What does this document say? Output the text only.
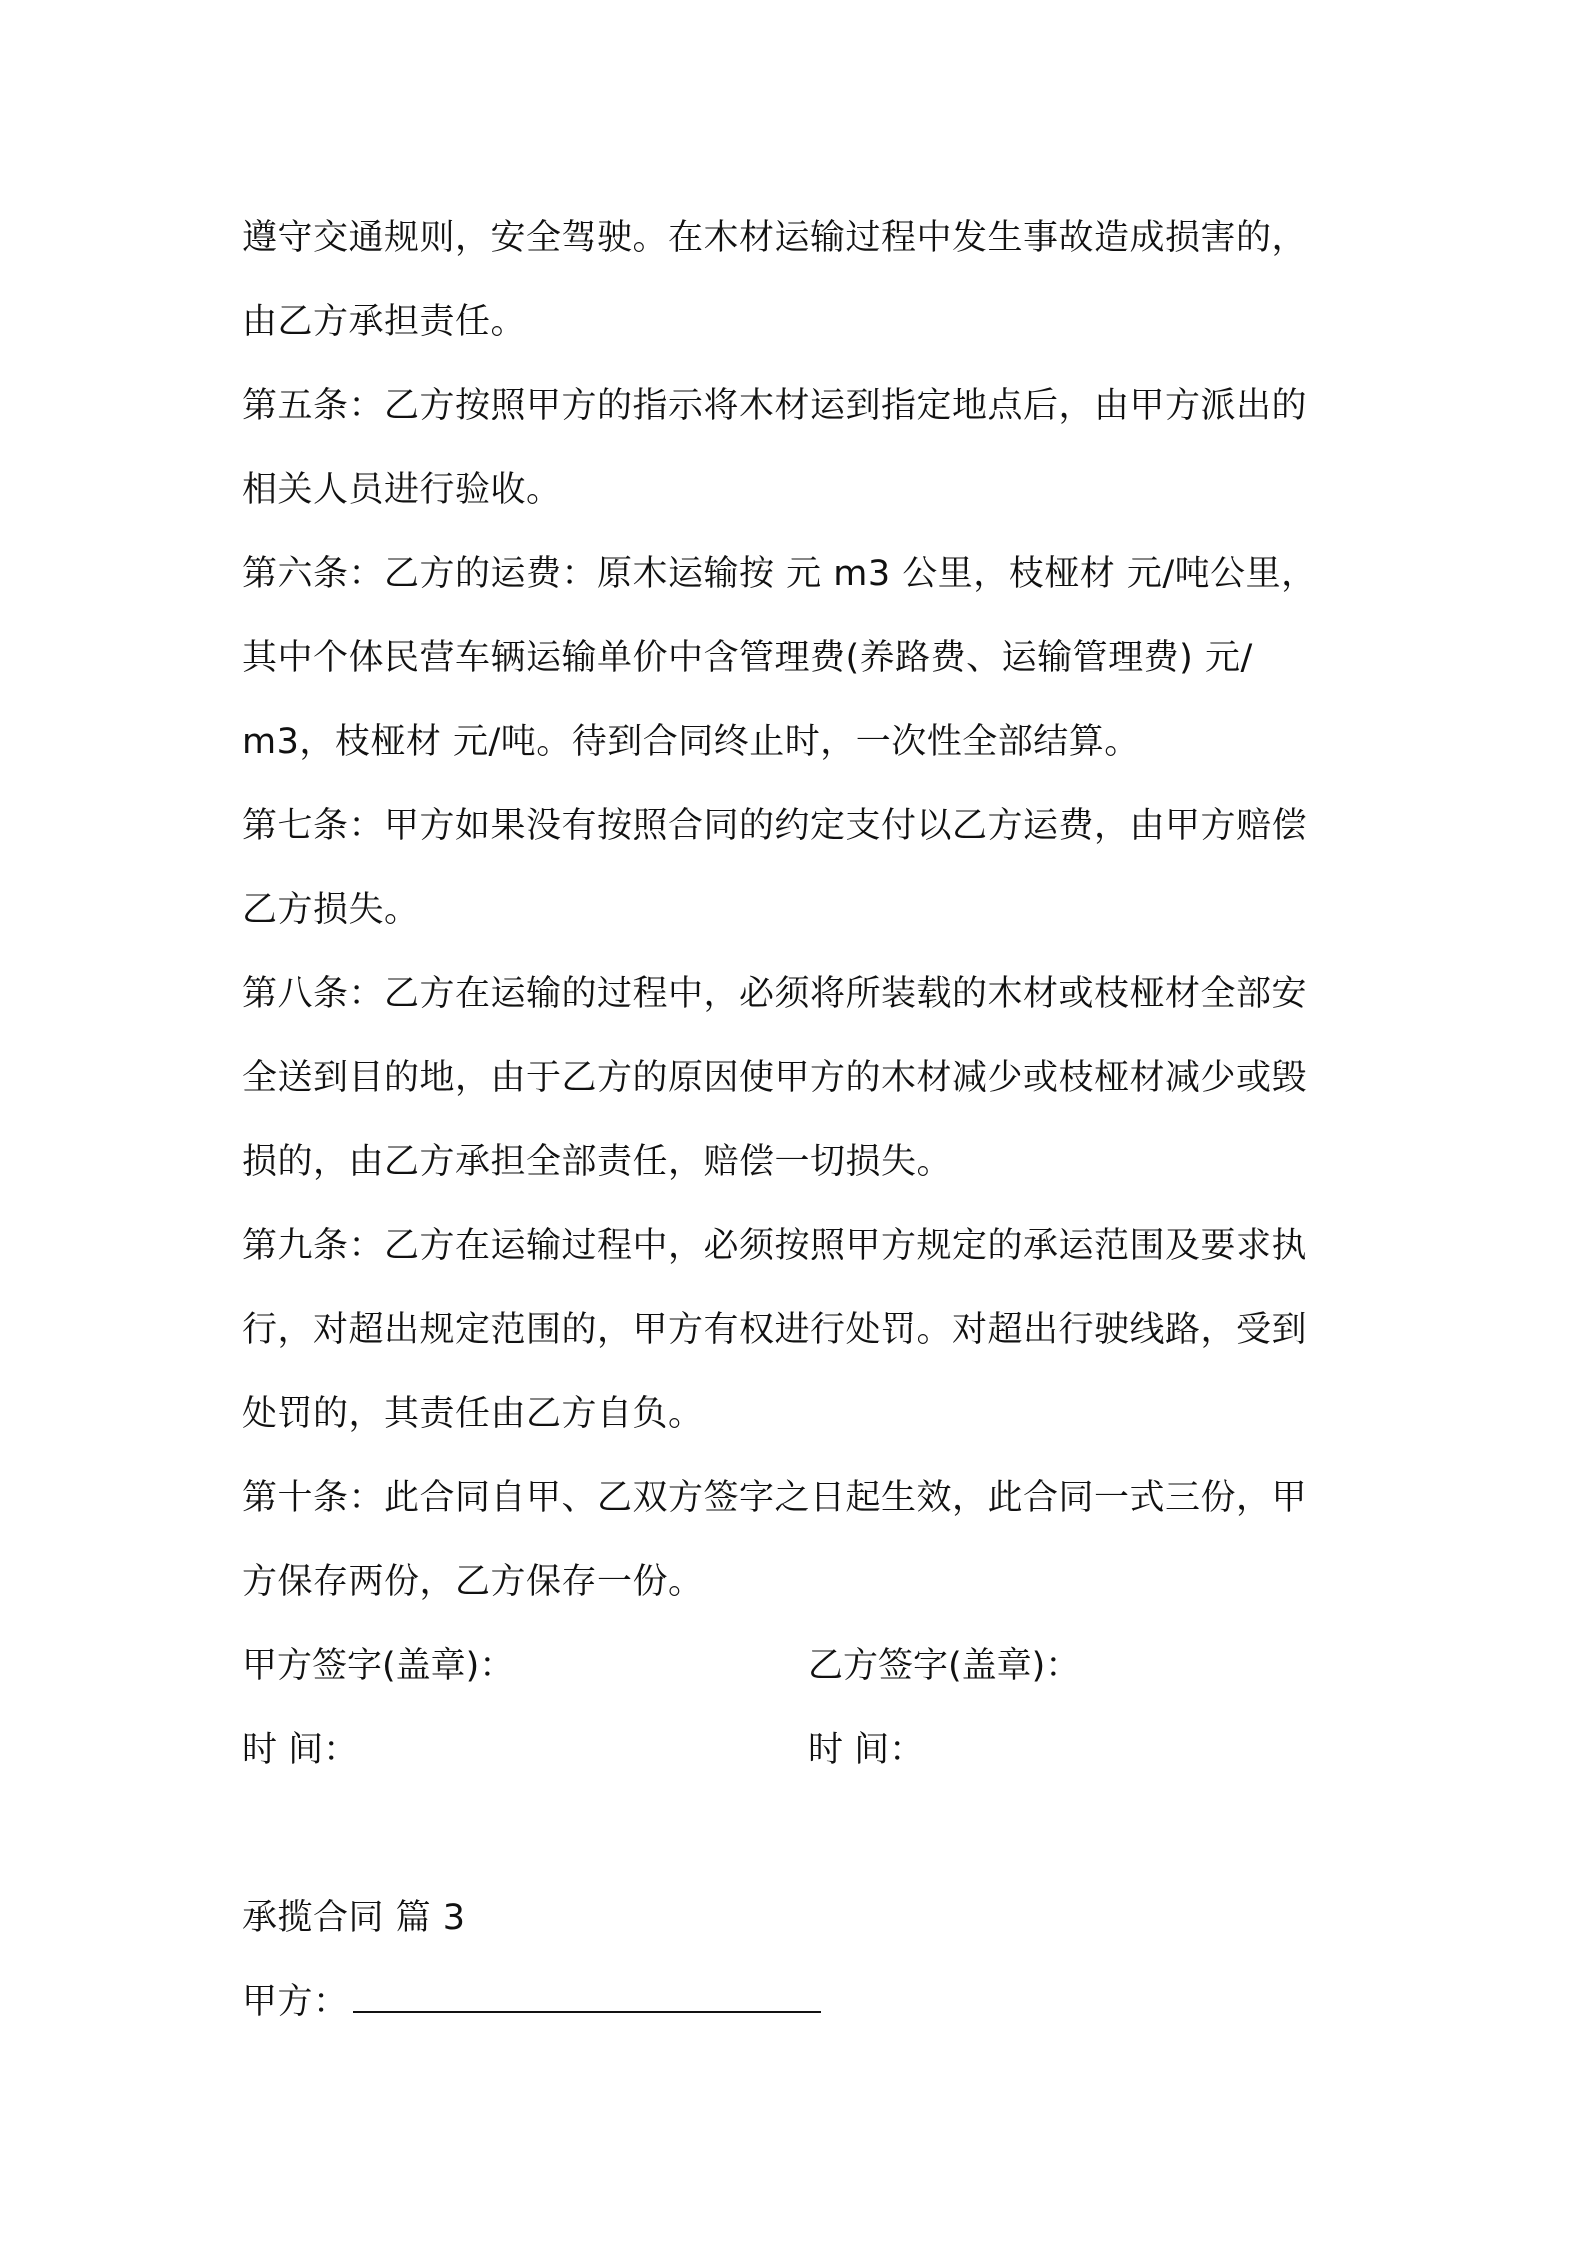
遵守交通规则，安全驾驶。在木材运输过程中发生事故造成损害的，
由乙方承担责任。
第五条：乙方按照甲方的指示将木材运到指定地点后，由甲方派出的
相关人员进行验收。
第六条：乙方的运费：原木运输按 元 m3 公里，枝桠材 元/吨公里，
其中个体民营车辆运输单价中含管理费(养路费、运输管理费) 元/
m3，枝桠材 元/吨。待到合同终止时，一次性全部结算。
第七条：甲方如果没有按照合同的约定支付以乙方运费，由甲方赔偿
乙方损失。
第八条：乙方在运输的过程中，必须将所装载的木材或枝桠材全部安
全送到目的地，由于乙方的原因使甲方的木材减少或枝桠材减少或毁
损的，由乙方承担全部责任，赔偿一切损失。
第九条：乙方在运输过程中，必须按照甲方规定的承运范围及要求执
行，对超出规定范围的，甲方有权进行处罚。对超出行驶线路，受到
处罚的，其责任由乙方自负。
第十条：此合同自甲、乙双方签字之日起生效，此合同一式三份，甲
方保存两份，乙方保存一份。
甲方签字(盖章)：	乙方签字(盖章)：
时 间：	时 间：
承揽合同 篇 3
甲方：
